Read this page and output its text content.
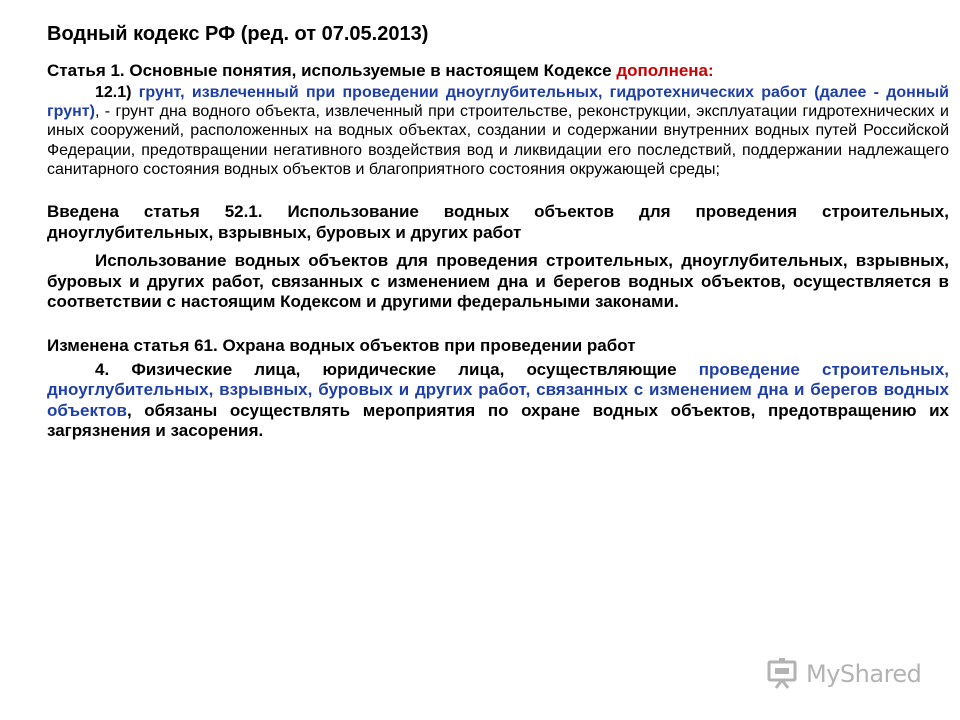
Водный кодекс РФ (ред. от 07.05.2013)

Статья 1. Основные понятия, используемые в настоящем Кодексе дополнена:

12.1) грунт, извлеченный при проведении дноуглубительных, гидротехнических работ (далее - донный грунт), - грунт дна водного объекта, извлеченный при строительстве, реконструкции, эксплуатации гидротехнических и иных сооружений, расположенных на водных объектах, создании и содержании внутренних водных путей Российской Федерации, предотвращении негативного воздействия вод и ликвидации его последствий, поддержании надлежащего санитарного состояния водных объектов и благоприятного состояния окружающей среды;

Введена статья 52.1. Использование водных объектов для проведения строительных, дноуглубительных, взрывных, буровых и других работ

Использование водных объектов для проведения строительных, дноуглубительных, взрывных, буровых и других работ, связанных с изменением дна и берегов водных объектов, осуществляется в соответствии с настоящим Кодексом и другими федеральными законами.

Изменена статья 61. Охрана водных объектов при проведении работ

4. Физические лица, юридические лица, осуществляющие проведение строительных, дноуглубительных, взрывных, буровых и других работ, связанных с изменением дна и берегов водных объектов, обязаны осуществлять мероприятия по охране водных объектов, предотвращению их загрязнения и засорения.

MyShared
